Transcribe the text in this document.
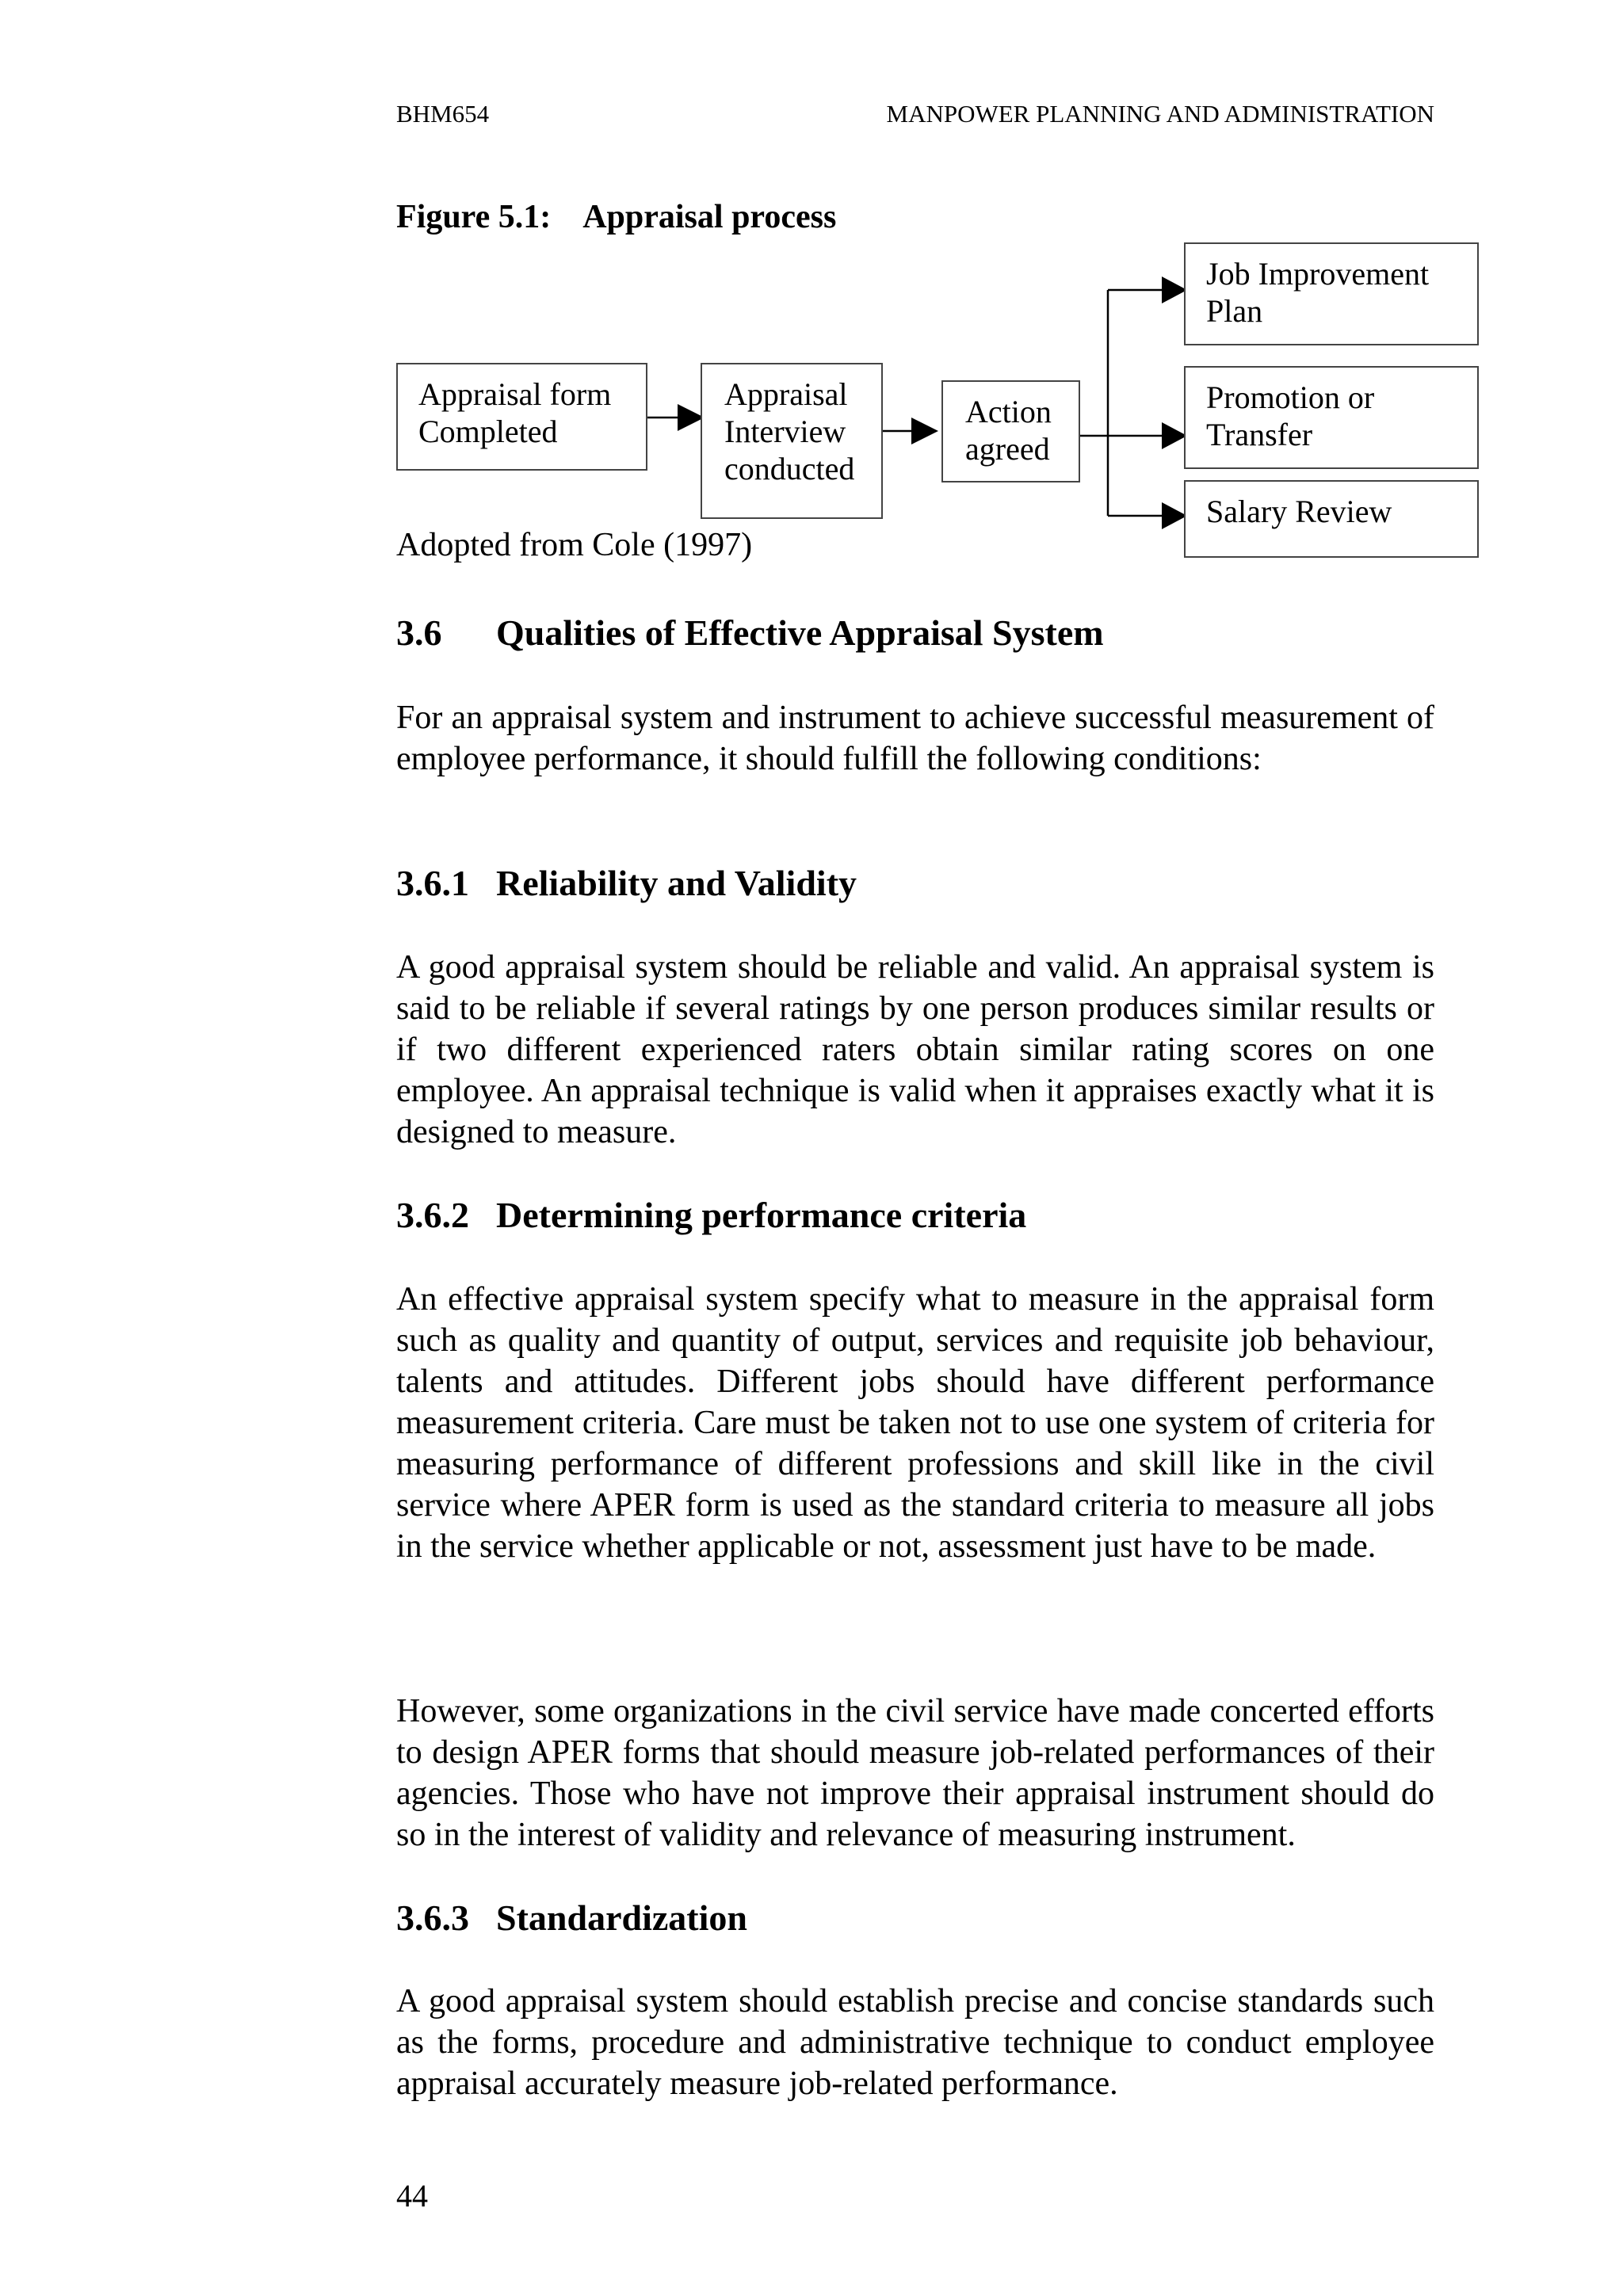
BHM654	MANPOWER PLANNING AND ADMINISTRATION
Figure 5.1: Appraisal process
Appraisal form
Completed
Appraisal
Interview
conducted
Action
agreed
Job Improvement
Plan
Promotion or
Transfer
Salary Review
Adopted from Cole (1997)
3.6 Qualities of Effective Appraisal System

For an appraisal system and instrument to achieve successful measurement of employee performance, it should fulfill the following conditions:

3.6.1 Reliability and Validity

A good appraisal system should be reliable and valid. An appraisal system is said to be reliable if several ratings by one person produces similar results or if two different experienced raters obtain similar rating scores on one employee. An appraisal technique is valid when it appraises exactly what it is designed to measure.

3.6.2 Determining performance criteria

An effective appraisal system specify what to measure in the appraisal form such as quality and quantity of output, services and requisite job behaviour, talents and attitudes. Different jobs should have different performance measurement criteria. Care must be taken not to use one system of criteria for measuring performance of different professions and skill like in the civil service where APER form is used as the standard criteria to measure all jobs in the service whether applicable or not, assessment just have to be made.

However, some organizations in the civil service have made concerted efforts to design APER forms that should measure job-related performances of their agencies. Those who have not improve their appraisal instrument should do so in the interest of validity and relevance of measuring instrument.

3.6.3 Standardization

A good appraisal system should establish precise and concise standards such as the forms, procedure and administrative technique to conduct employee appraisal accurately measure job-related performance.

44
